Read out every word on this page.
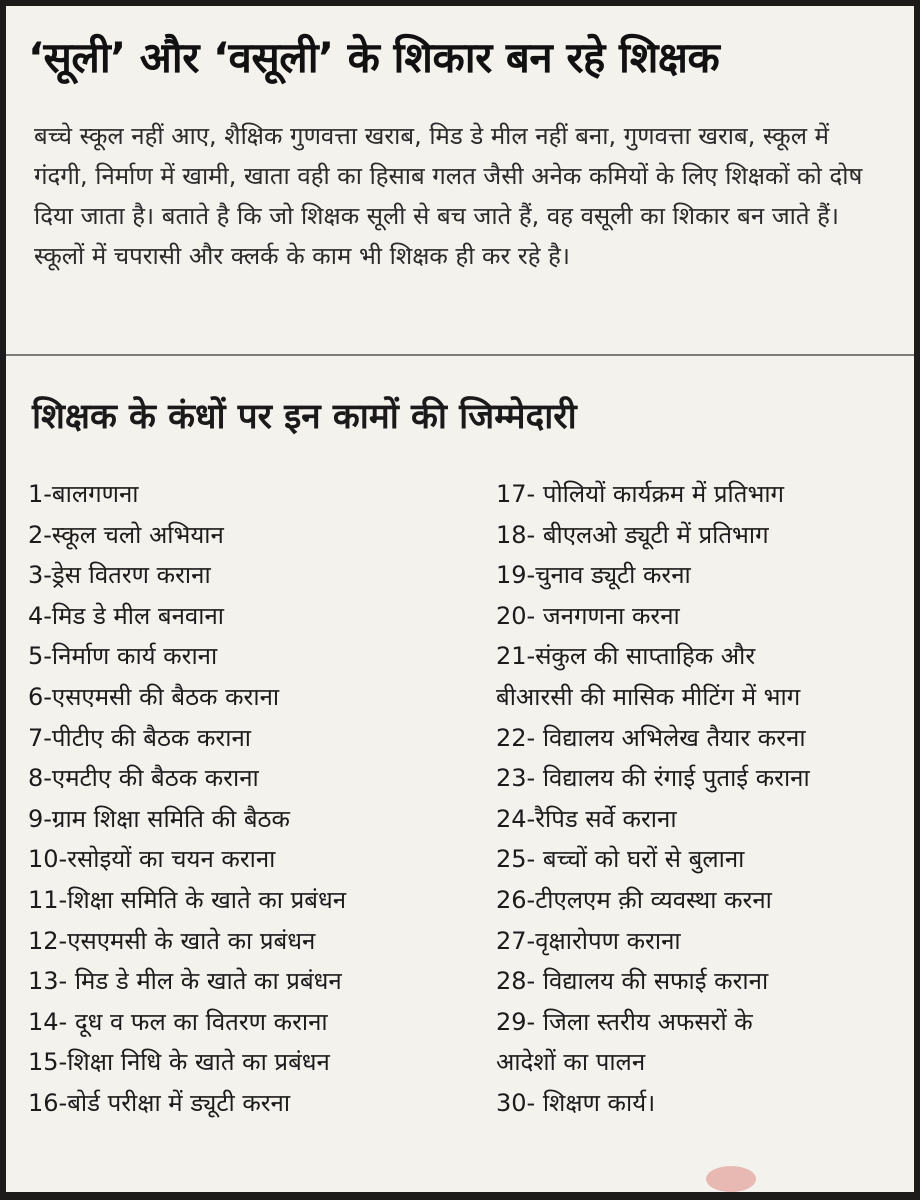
‘सूली’ और ‘वसूली’ के शिकार बन रहे शिक्षक
बच्चे स्कूल नहीं आए, शैक्षिक गुणवत्ता खराब, मिड डे मील नहीं बना, गुणवत्ता खराब, स्कूल में गंदगी, निर्माण में खामी, खाता वही का हिसाब गलत जैसी अनेक कमियों के लिए शिक्षकों को दोष दिया जाता है। बताते है कि जो शिक्षक सूली से बच जाते हैं, वह वसूली का शिकार बन जाते हैं। स्कूलों में चपरासी और क्लर्क के काम भी शिक्षक ही कर रहे है।
शिक्षक के कंधों पर इन कामों की जिम्मेदारी
1-बालगणना
2-स्कूल चलो अभियान
3-ड्रेस वितरण कराना
4-मिड डे मील बनवाना
5-निर्माण कार्य कराना
6-एसएमसी की बैठक कराना
7-पीटीए की बैठक कराना
8-एमटीए की बैठक कराना
9-ग्राम शिक्षा समिति की बैठक
10-रसोइयों का चयन कराना
11-शिक्षा समिति के खाते का प्रबंधन
12-एसएमसी के खाते का प्रबंधन
13- मिड डे मील के खाते का प्रबंधन
14- दूध व फल का वितरण कराना
15-शिक्षा निधि के खाते का प्रबंधन
16-बोर्ड परीक्षा में ड्यूटी करना
17- पोलियों कार्यक्रम में प्रतिभाग
18- बीएलओ ड्यूटी में प्रतिभाग
19-चुनाव ड्यूटी करना
20- जनगणना करना
21-संकुल की साप्ताहिक और
बीआरसी की मासिक मीटिंग में भाग
22- विद्यालय अभिलेख तैयार करना
23- विद्यालय की रंगाई पुताई कराना
24-रैपिड सर्वे कराना
25- बच्चों को घरों से बुलाना
26-टीएलएम क़ी व्यवस्था करना
27-वृक्षारोपण कराना
28- विद्यालय की सफाई कराना
29- जिला स्तरीय अफसरों के
आदेशों का पालन
30- शिक्षण कार्य।
